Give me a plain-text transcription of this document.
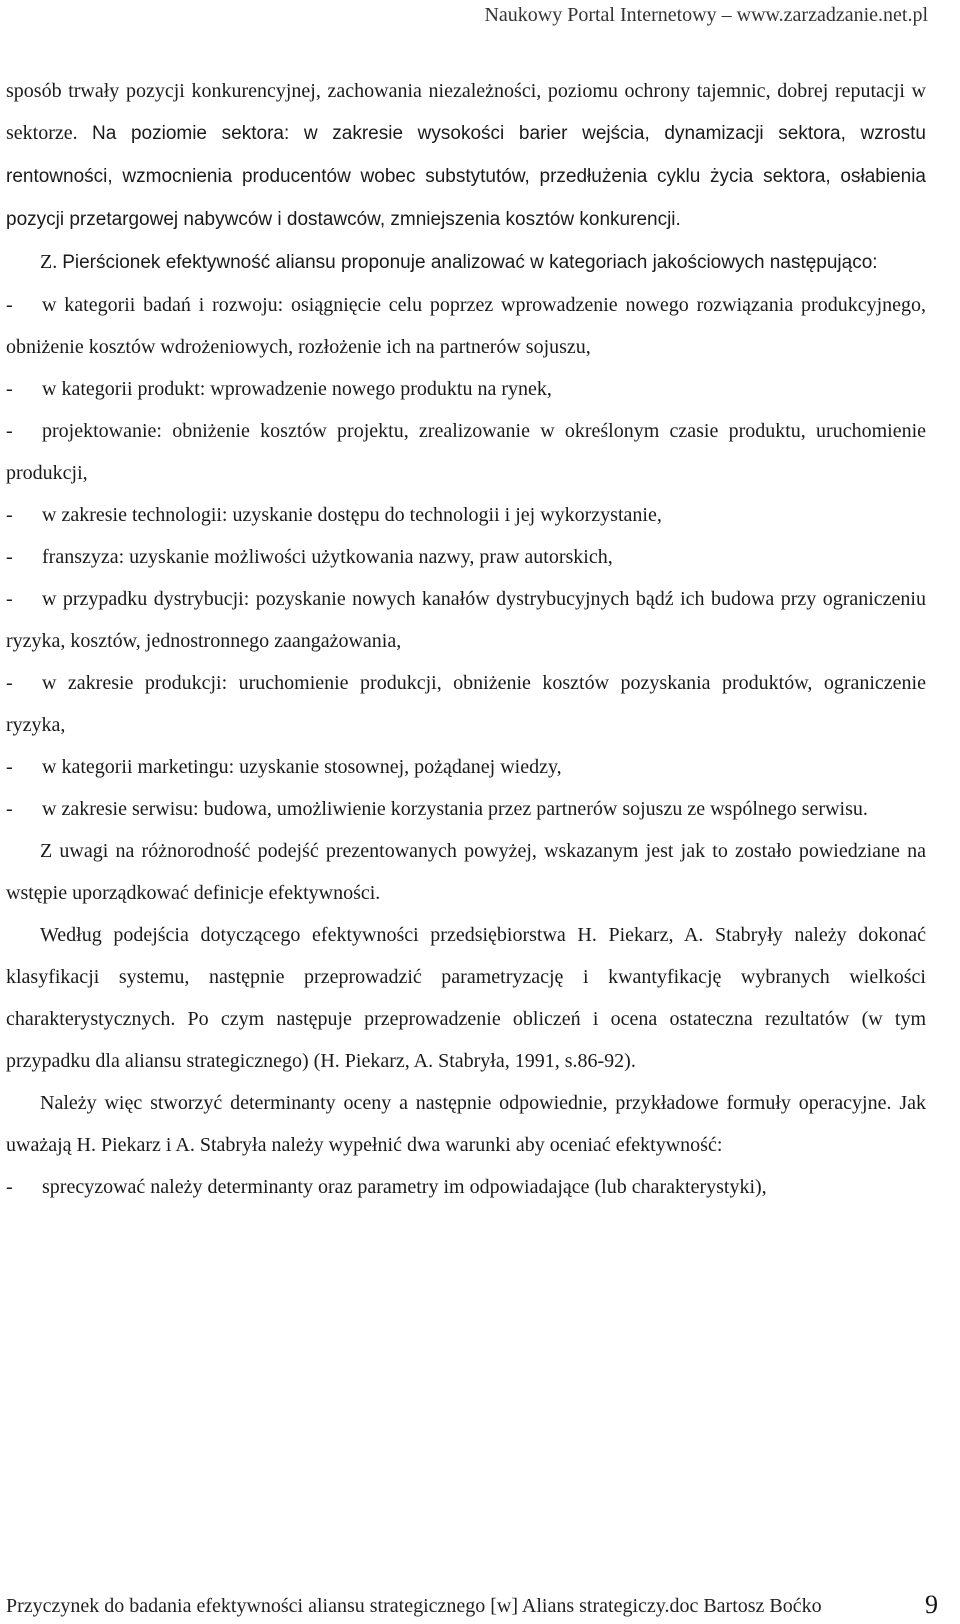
Naukowy Portal Internetowy – www.zarzadzanie.net.pl

sposób trwały pozycji konkurencyjnej, zachowania niezależności, poziomu ochrony tajemnic, dobrej reputacji w sektorze. Na poziomie sektora: w zakresie wysokości barier wejścia, dynamizacji sektora, wzrostu rentowności, wzmocnienia producentów wobec substytutów, przedłużenia cyklu życia sektora, osłabienia pozycji przetargowej nabywców i dostawców, zmniejszenia kosztów konkurencji.

Z. Pierścionek efektywność aliansu proponuje analizować w kategoriach jakościowych następująco:

- w kategorii badań i rozwoju: osiągnięcie celu poprzez wprowadzenie nowego rozwiązania produkcyjnego, obniżenie kosztów wdrożeniowych, rozłożenie ich na partnerów sojuszu,

- w kategorii produkt: wprowadzenie nowego produktu na rynek,

- projektowanie: obniżenie kosztów projektu, zrealizowanie w określonym czasie produktu, uruchomienie produkcji,

- w zakresie technologii: uzyskanie dostępu do technologii i jej wykorzystanie,

- franszyza: uzyskanie możliwości użytkowania nazwy, praw autorskich,

- w przypadku dystrybucji: pozyskanie nowych kanałów dystrybucyjnych bądź ich budowa przy ograniczeniu ryzyka, kosztów, jednostronnego zaangażowania,

- w zakresie produkcji: uruchomienie produkcji, obniżenie kosztów pozyskania produktów, ograniczenie ryzyka,

- w kategorii marketingu: uzyskanie stosownej, pożądanej wiedzy,

- w zakresie serwisu: budowa, umożliwienie korzystania przez partnerów sojuszu ze wspólnego serwisu.

Z uwagi na różnorodność podejść prezentowanych powyżej, wskazanym jest jak to zostało powiedziane na wstępie uporządkować definicje efektywności.

Według podejścia dotyczącego efektywności przedsiębiorstwa H. Piekarz, A. Stabryły należy dokonać klasyfikacji systemu, następnie przeprowadzić parametryzację i kwantyfikację wybranych wielkości charakterystycznych. Po czym następuje przeprowadzenie obliczeń i ocena ostateczna rezultatów (w tym przypadku dla aliansu strategicznego) (H. Piekarz, A. Stabryła, 1991, s.86-92).

Należy więc stworzyć determinanty oceny a następnie odpowiednie, przykładowe formuły operacyjne. Jak uważają H. Piekarz i A. Stabryła należy wypełnić dwa warunki aby oceniać efektywność:

- sprecyzować należy determinanty oraz parametry im odpowiadające (lub charakterystyki),

Przyczynek do badania efektywności aliansu strategicznego [w] Alians strategiczy.doc Bartosz Boćko	9
